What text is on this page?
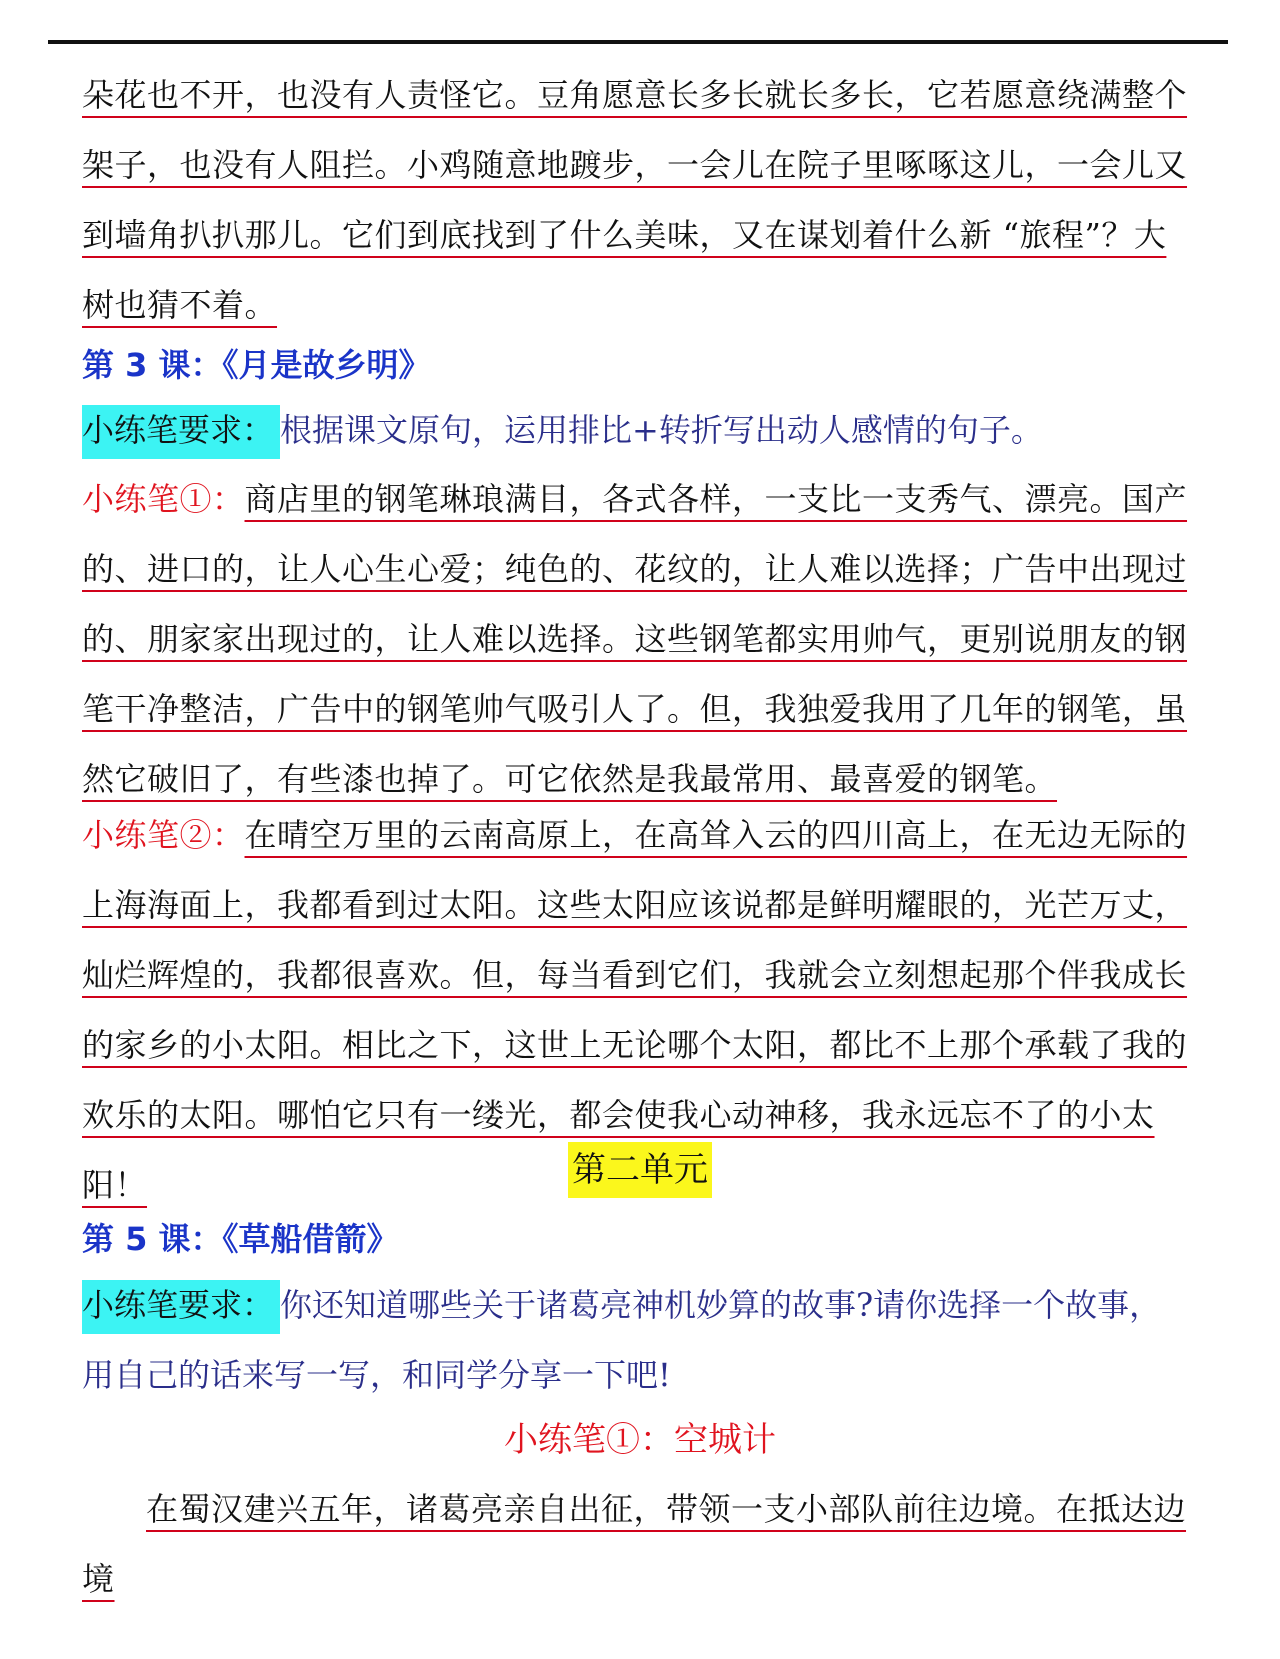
朵花也不开，也没有人责怪它。豆角愿意长多长就长多长，它若愿意绕满整个架子，也没有人阻拦。小鸡随意地踱步，一会儿在院子里啄啄这儿，一会儿又到墙角扒扒那儿。它们到底找到了什么美味，又在谋划着什么新 “旅程”？大树也猜不着。
第 3 课：《月是故乡明》
小练笔要求： 根据课文原句，运用排比+转折写出动人感情的句子。
小练笔①：商店里的钢笔琳琅满目，各式各样，一支比一支秀气、漂亮。国产的、进口的，让人心生心爱；纯色的、花纹的，让人难以选择；广告中出现过的、朋家家出现过的，让人难以选择。这些钢笔都实用帅气，更别说朋友的钢笔干净整洁，广告中的钢笔帅气吸引人了。但，我独爱我用了几年的钢笔，虽然它破旧了，有些漆也掉了。可它依然是我最常用、最喜爱的钢笔。
小练笔②：在晴空万里的云南高原上，在高耸入云的四川高上，在无边无际的上海海面上，我都看到过太阳。这些太阳应该说都是鲜明耀眼的，光芒万丈，灿烂辉煌的，我都很喜欢。但，每当看到它们，我就会立刻想起那个伴我成长的家乡的小太阳。相比之下，这世上无论哪个太阳，都比不上那个承载了我的欢乐的太阳。哪怕它只有一缕光，都会使我心动神移，我永远忘不了的小太阳！	第二单元
第 5 课：《草船借箭》
小练笔要求： 你还知道哪些关于诸葛亮神机妙算的故事?请你选择一个故事，用自己的话来写一写，和同学分享一下吧!
小练笔①：空城计
在蜀汉建兴五年，诸葛亮亲自出征，带领一支小部队前往边境。在抵达边境
